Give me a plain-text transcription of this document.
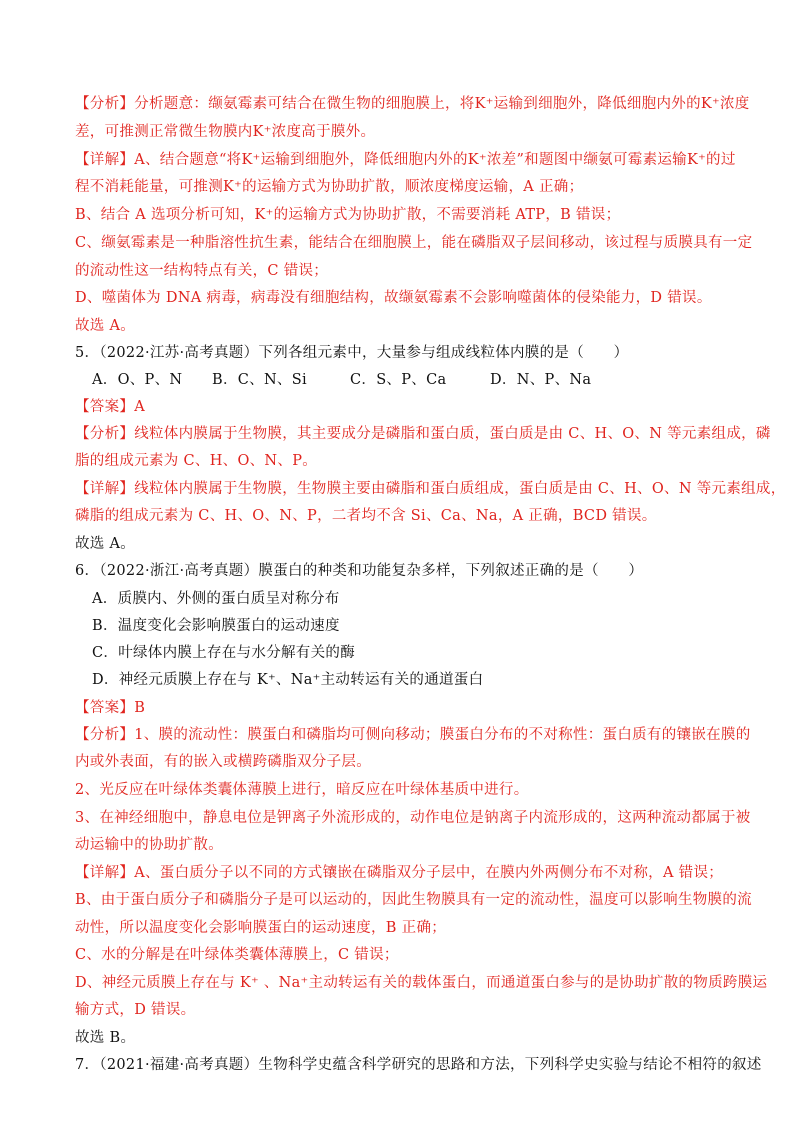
【分析】分析题意：缬氨霉素可结合在微生物的细胞膜上，将K⁺运输到细胞外，降低细胞内外的K⁺浓度
差，可推测正常微生物膜内K⁺浓度高于膜外。
【详解】A、结合题意“将K⁺运输到细胞外，降低细胞内外的K⁺浓差”和题图中缬氨可霉素运输K⁺的过
程不消耗能量，可推测K⁺的运输方式为协助扩散，顺浓度梯度运输，A 正确；
B、结合 A 选项分析可知，K⁺的运输方式为协助扩散，不需要消耗 ATP，B 错误；
C、缬氨霉素是一种脂溶性抗生素，能结合在细胞膜上，能在磷脂双子层间移动，该过程与质膜具有一定
的流动性这一结构特点有关，C 错误；
D、噬菌体为 DNA 病毒，病毒没有细胞结构，故缬氨霉素不会影响噬菌体的侵染能力，D 错误。
故选 A。
5．（2022·江苏·高考真题）下列各组元素中，大量参与组成线粒体内膜的是（　　）
A．O、P、N B．C、N、Si	C．S、P、Ca	D．N、P、Na
【答案】A
【分析】线粒体内膜属于生物膜，其主要成分是磷脂和蛋白质，蛋白质是由 C、H、O、N 等元素组成，磷
脂的组成元素为 C、H、O、N、P。
【详解】线粒体内膜属于生物膜，生物膜主要由磷脂和蛋白质组成，蛋白质是由 C、H、O、N 等元素组成，
磷脂的组成元素为 C、H、O、N、P，二者均不含 Si、Ca、Na，A 正确，BCD 错误。
故选 A。
6．（2022·浙江·高考真题）膜蛋白的种类和功能复杂多样，下列叙述正确的是（　　）
A．质膜内、外侧的蛋白质呈对称分布
B．温度变化会影响膜蛋白的运动速度
C．叶绿体内膜上存在与水分解有关的酶
D．神经元质膜上存在与 K⁺、Na⁺主动转运有关的通道蛋白
【答案】B
【分析】1、膜的流动性：膜蛋白和磷脂均可侧向移动；膜蛋白分布的不对称性：蛋白质有的镶嵌在膜的
内或外表面，有的嵌入或横跨磷脂双分子层。
2、光反应在叶绿体类囊体薄膜上进行，暗反应在叶绿体基质中进行。
3、在神经细胞中，静息电位是钾离子外流形成的，动作电位是钠离子内流形成的，这两种流动都属于被
动运输中的协助扩散。
【详解】A、蛋白质分子以不同的方式镶嵌在磷脂双分子层中，在膜内外两侧分布不对称，A 错误；
B、由于蛋白质分子和磷脂分子是可以运动的，因此生物膜具有一定的流动性，温度可以影响生物膜的流
动性，所以温度变化会影响膜蛋白的运动速度，B 正确；
C、水的分解是在叶绿体类囊体薄膜上，C 错误；
D、神经元质膜上存在与 K⁺ 、Na⁺主动转运有关的载体蛋白，而通道蛋白参与的是协助扩散的物质跨膜运
输方式，D 错误。
故选 B。
7．（2021·福建·高考真题）生物科学史蕴含科学研究的思路和方法，下列科学史实验与结论不相符的叙述
